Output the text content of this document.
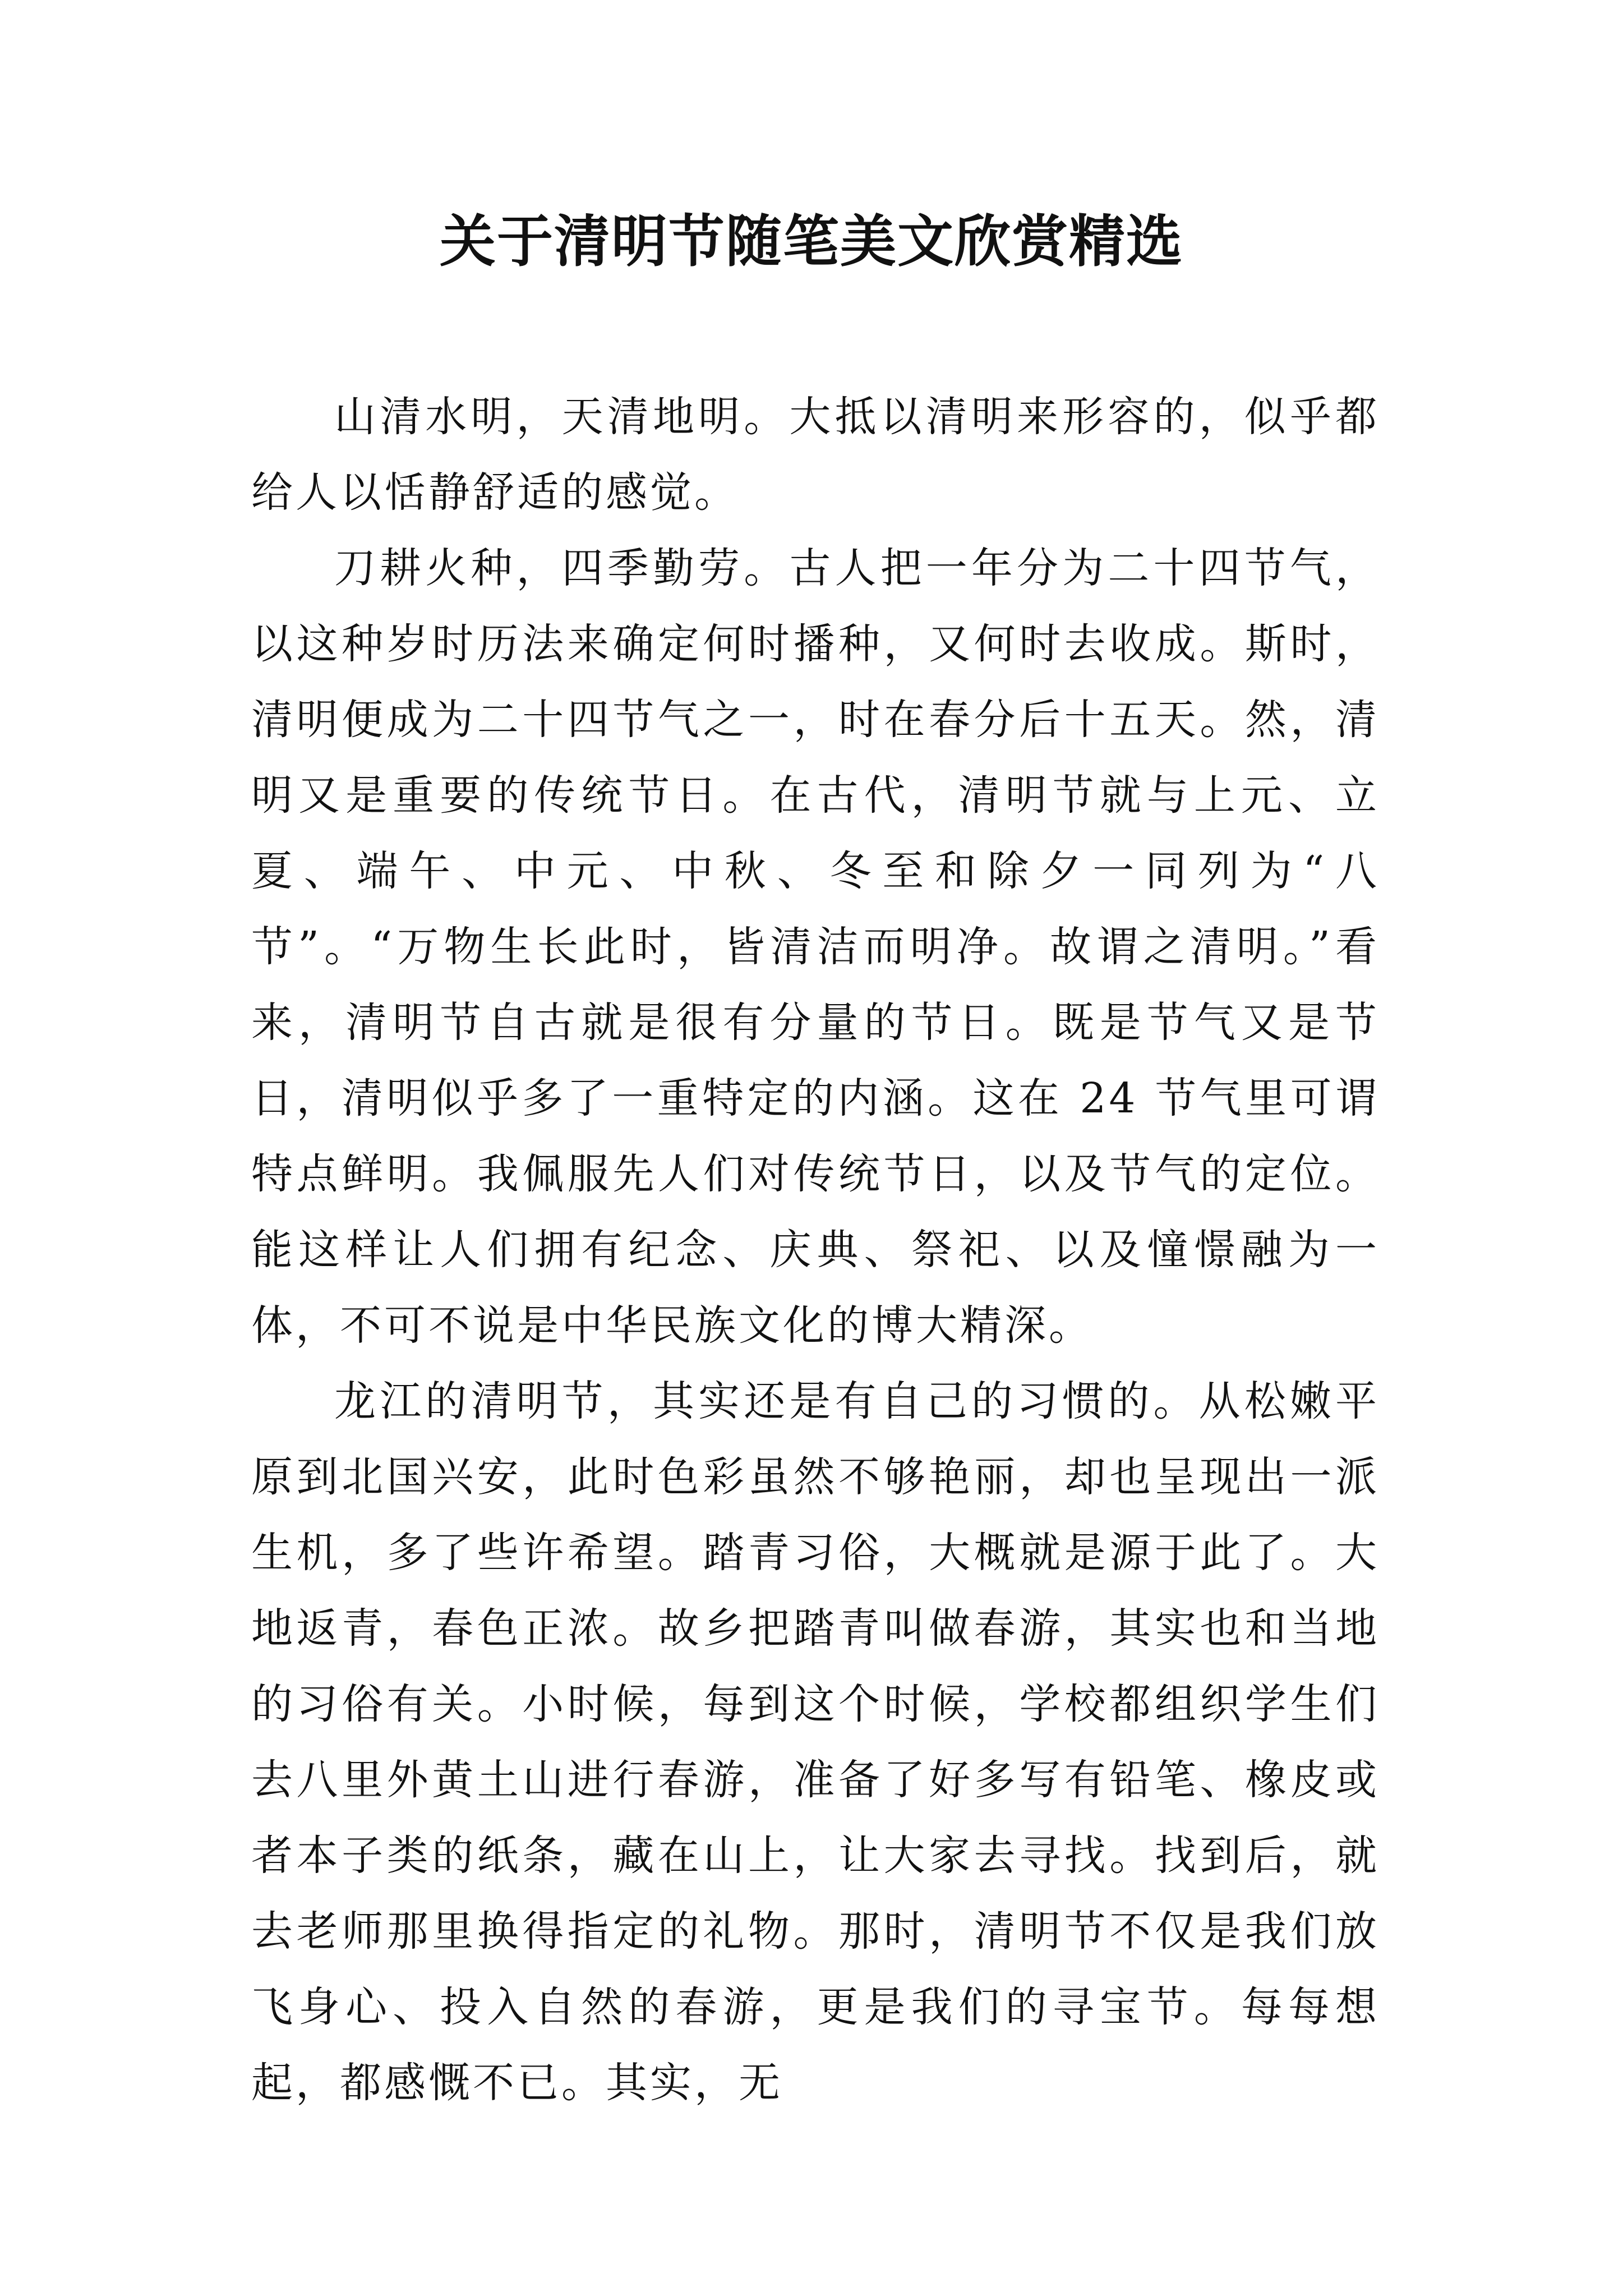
关于清明节随笔美文欣赏精选

山清水明，天清地明。大抵以清明来形容的，似乎都给人以恬静舒适的感觉。

刀耕火种，四季勤劳。古人把一年分为二十四节气，以这种岁时历法来确定何时播种，又何时去收成。斯时，清明便成为二十四节气之一，时在春分后十五天。然，清明又是重要的传统节日。在古代，清明节就与上元、立夏、端午、中元、中秋、冬至和除夕一同列为“八节”。“万物生长此时，皆清洁而明净。故谓之清明。”看来，清明节自古就是很有分量的节日。既是节气又是节日，清明似乎多了一重特定的内涵。这在 24 节气里可谓特点鲜明。我佩服先人们对传统节日，以及节气的定位。能这样让人们拥有纪念、庆典、祭祀、以及憧憬融为一体，不可不说是中华民族文化的博大精深。

龙江的清明节，其实还是有自己的习惯的。从松嫩平原到北国兴安，此时色彩虽然不够艳丽，却也呈现出一派生机，多了些许希望。踏青习俗，大概就是源于此了。大地返青，春色正浓。故乡把踏青叫做春游，其实也和当地的习俗有关。小时候，每到这个时候，学校都组织学生们去八里外黄土山进行春游，准备了好多写有铅笔、橡皮或者本子类的纸条，藏在山上，让大家去寻找。找到后，就去老师那里换得指定的礼物。那时，清明节不仅是我们放飞身心、投入自然的春游，更是我们的寻宝节。每每想起，都感慨不已。其实，无
